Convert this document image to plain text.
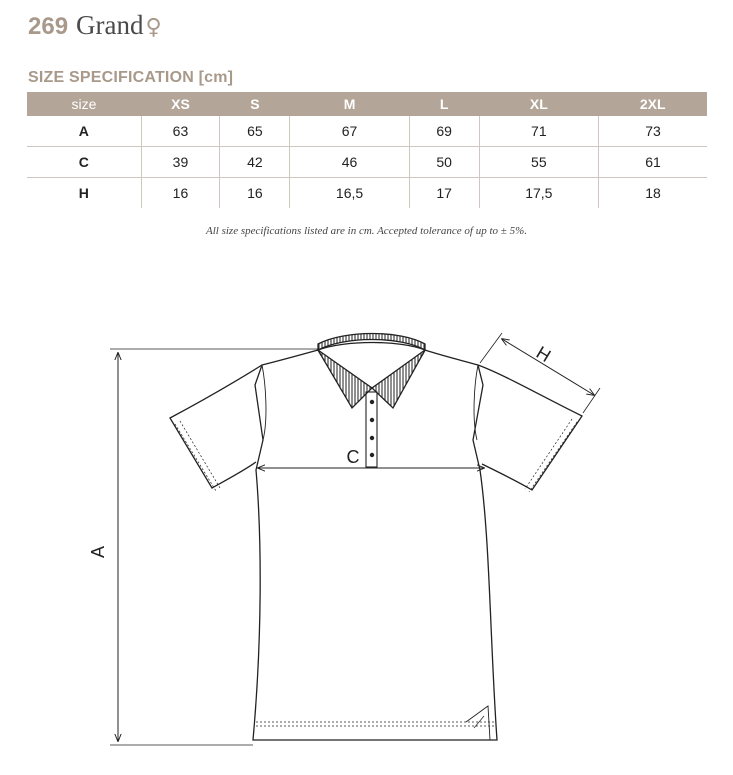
269 Grand ♀
SIZE SPECIFICATION [cm]
size	XS	S	M	L	XL	2XL
A	63	65	67	69	71	73
C	39	42	46	50	55	61
H	16	16	16,5	17	17,5	18
All size specifications listed are in cm. Accepted tolerance of up to ± 5%.
A
C
H
